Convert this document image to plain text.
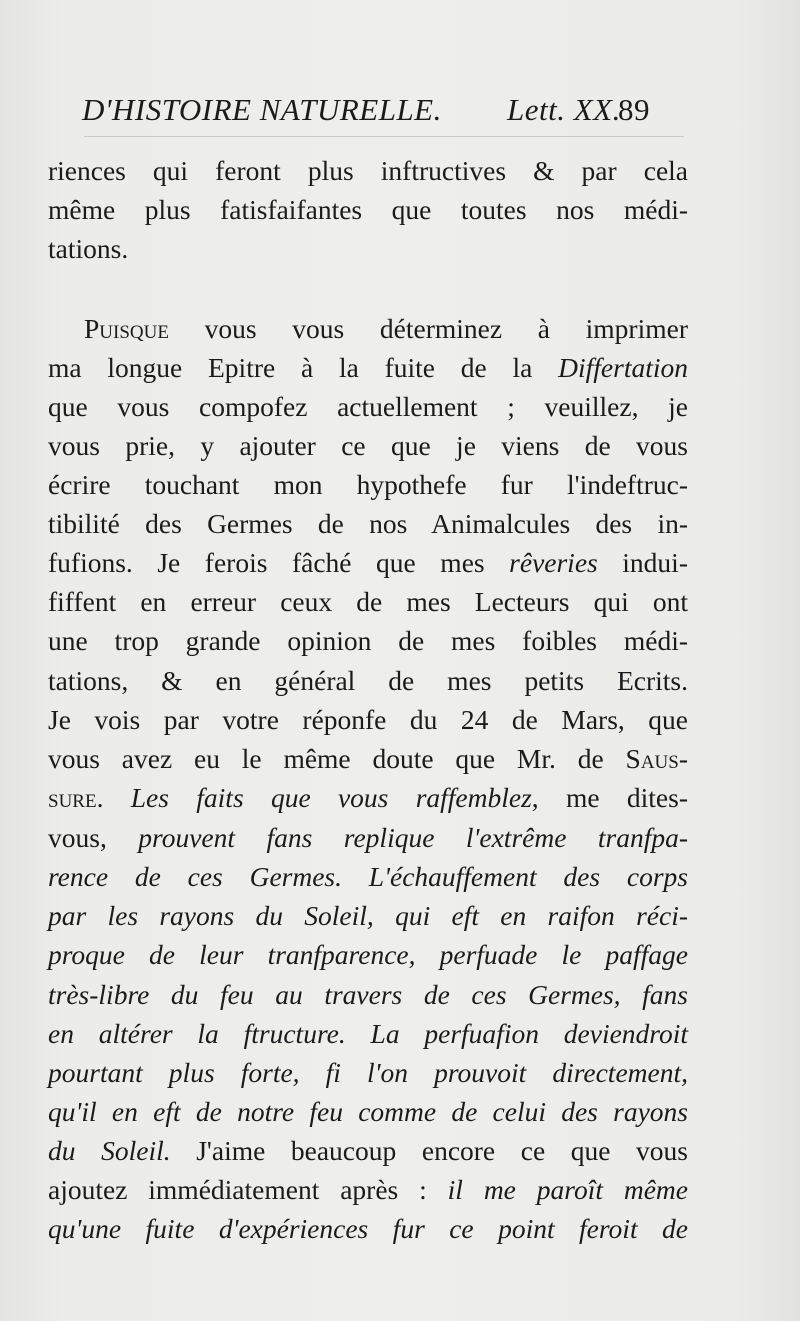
D'HISTOIRE NATURELLE. Lett. XX.
89
riences qui feront plus inftructives & par cela
même plus fatisfaifantes que toutes nos médi-
tations.
Puisque vous vous déterminez à imprimer
ma longue Epitre à la fuite de la Differtation
que vous compofez actuellement ; veuillez, je
vous prie, y ajouter ce que je viens de vous
écrire touchant mon hypothefe fur l'indeftruc-
tibilité des Germes de nos Animalcules des in-
fufions. Je ferois fâché que mes rêveries indui-
fiffent en erreur ceux de mes Lecteurs qui ont
une trop grande opinion de mes foibles médi-
tations, & en général de mes petits Ecrits.
Je vois par votre réponfe du 24 de Mars, que
vous avez eu le même doute que Mr. de Saus-
sure. Les faits que vous raffemblez, me dites-
vous, prouvent fans replique l'extrême tranfpa-
rence de ces Germes. L'échauffement des corps
par les rayons du Soleil, qui eft en raifon réci-
proque de leur tranfparence, perfuade le paffage
très-libre du feu au travers de ces Germes, fans
en altérer la ftructure. La perfuafion deviendroit
pourtant plus forte, fi l'on prouvoit directement,
qu'il en eft de notre feu comme de celui des rayons
du Soleil. J'aime beaucoup encore ce que vous
ajoutez immédiatement après : il me paroît même
qu'une fuite d'expériences fur ce point feroit de
